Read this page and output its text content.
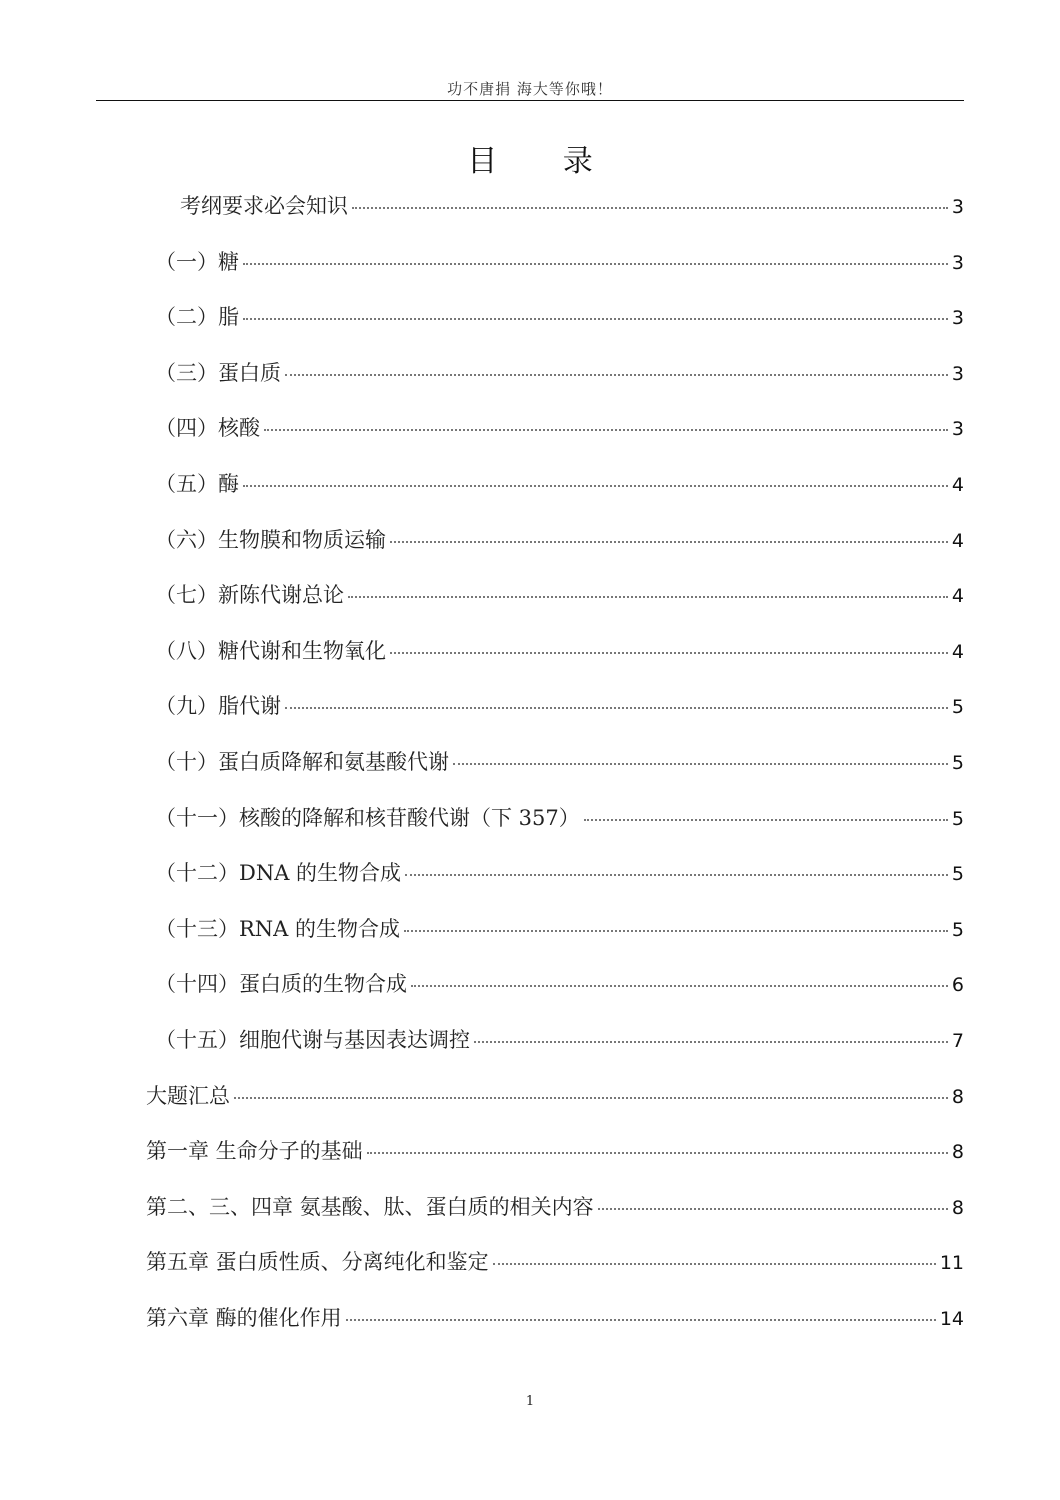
功不唐捐 海大等你哦！
目 录
考纲要求必会知识	3
（一）糖	3
（二）脂	3
（三）蛋白质	3
（四）核酸	3
（五）酶	4
（六）生物膜和物质运输	4
（七）新陈代谢总论	4
（八）糖代谢和生物氧化	4
（九）脂代谢	5
（十）蛋白质降解和氨基酸代谢	5
（十一）核酸的降解和核苷酸代谢（下 357）	5
（十二）DNA 的生物合成	5
（十三）RNA 的生物合成	5
（十四）蛋白质的生物合成	6
（十五）细胞代谢与基因表达调控	7
大题汇总	8
第一章 生命分子的基础	8
第二、三、四章 氨基酸、肽、蛋白质的相关内容	8
第五章 蛋白质性质、分离纯化和鉴定	11
第六章 酶的催化作用	14
1
